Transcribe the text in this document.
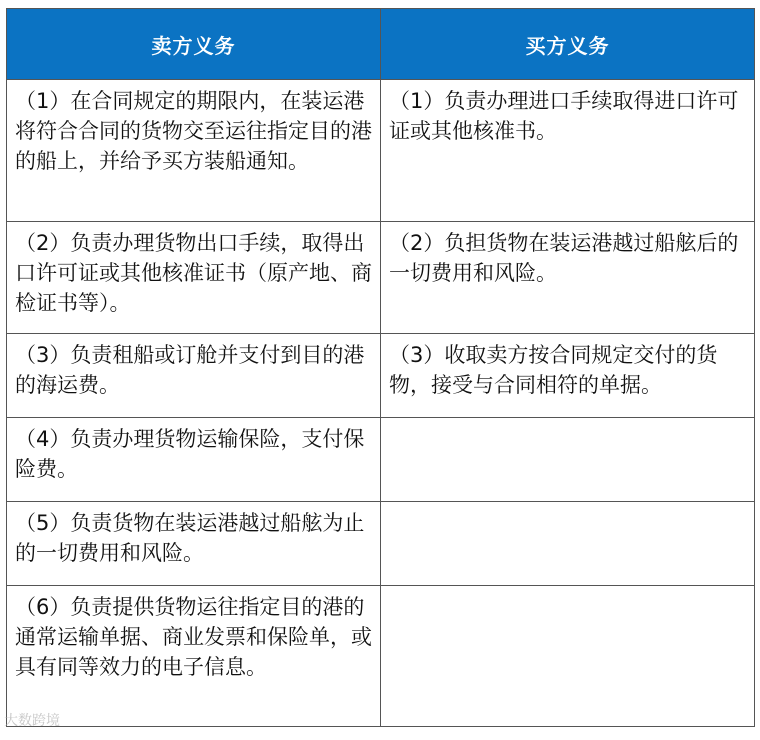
卖方义务	买方义务
（1）在合同规定的期限内，在装运港将符合合同的货物交至运往指定目的港的船上，并给予买方装船通知。	（1）负责办理进口手续取得进口许可证或其他核准书。
（2）负责办理货物出口手续，取得出口许可证或其他核准证书（原产地、商检证书等）。	（2）负担货物在装运港越过船舷后的一切费用和风险。
（3）负责租船或订舱并支付到目的港的海运费。	（3）收取卖方按合同规定交付的货物，接受与合同相符的单据。
（4）负责办理货物运输保险，支付保险费。	
（5）负责货物在装运港越过船舷为止的一切费用和风险。	
（6）负责提供货物运往指定目的港的通常运输单据、商业发票和保险单，或具有同等效力的电子信息。	
大数跨境
